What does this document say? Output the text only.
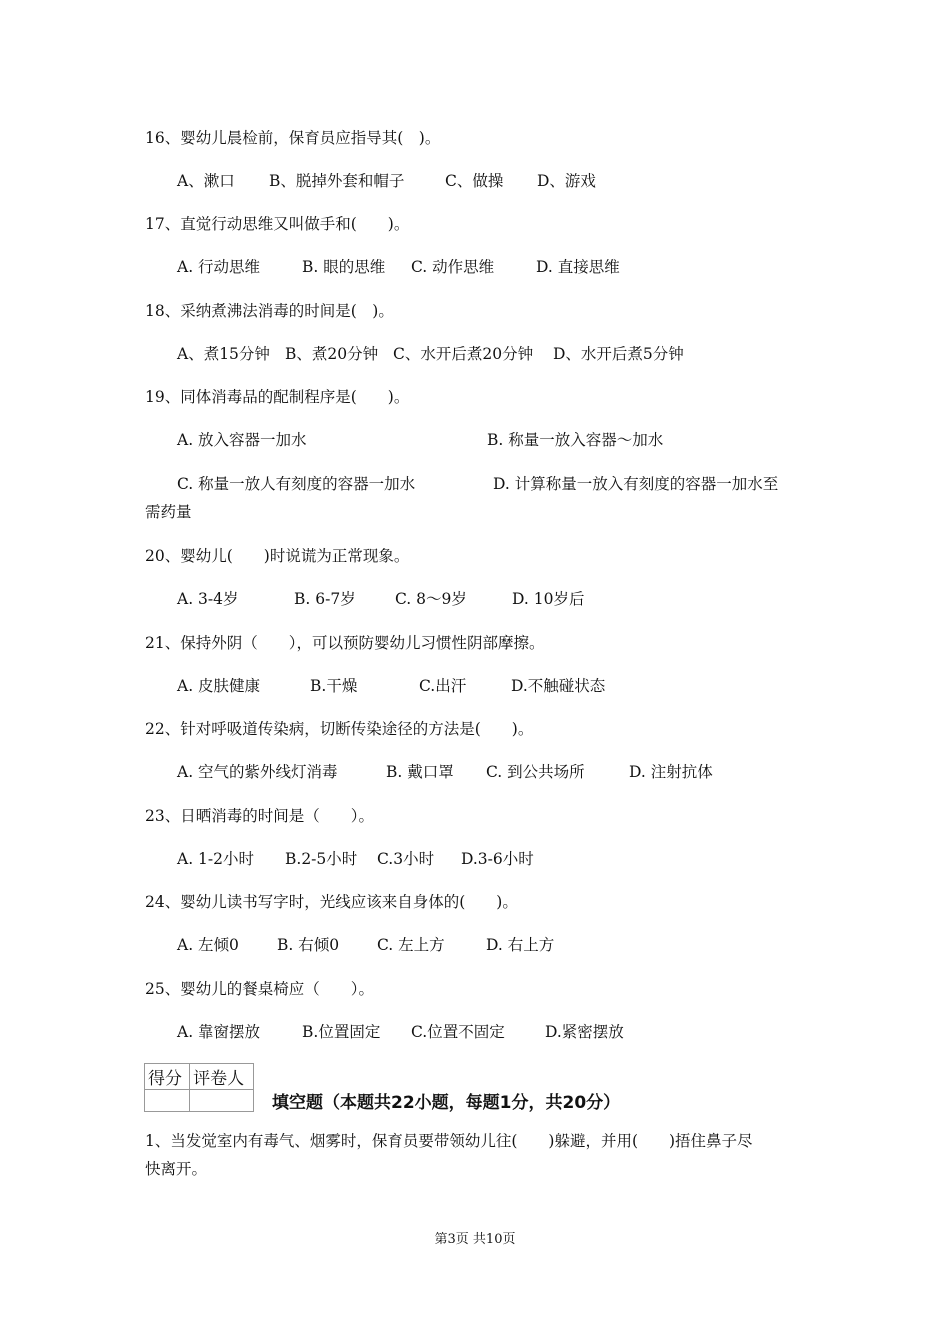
16、婴幼儿晨检前，保育员应指导其(　)。

A、漱口

B、脱掉外套和帽子

	C、做操

D、游戏

17、直觉行动思维又叫做手和(　　)。

A. 行动思维

	B. 眼的思维

C. 动作思维

	D. 直接思维

18、采纳煮沸法消毒的时间是(　)。

A、煮15分钟

B、煮20分钟

C、水开后煮20分钟

D、水开后煮5分钟

19、同体消毒品的配制程序是(　　)。

A. 放入容器一加水

	B. 称量一放入容器～加水

C. 称量一放人有刻度的容器一加水

	D. 计算称量一放入有刻度的容器一加水至

需药量
20、婴幼儿(　　)时说谎为正常现象。

A. 3-4岁

	B. 6-7岁

	C. 8～9岁

	D. 10岁后

21、保持外阴（　　），可以预防婴幼儿习惯性阴部摩擦。

A. 皮肤健康

	B.干燥

	C.出汗

	D.不触碰状态

22、针对呼吸道传染病，切断传染途径的方法是(　　)。

A. 空气的紫外线灯消毒

	B. 戴口罩

C. 到公共场所

	D. 注射抗体

23、日晒消毒的时间是（　　）。

A. 1-2小时

B.2-5小时

C.3小时

D.3-6小时

24、婴幼儿读书写字时，光线应该来自身体的(　　)。

A. 左倾0

B. 右倾0

C. 左上方

	D. 右上方

25、婴幼儿的餐桌椅应（　　）。

A. 靠窗摆放

	B.位置固定

C.位置不固定

	D.紧密摆放

得分	评卷人

填空题（本题共22小题，每题1分，共20分）
1、当发觉室内有毒气、烟雾时，保育员要带领幼儿往(　　)躲避，并用(　　)捂住鼻子尽
快离开。
第3页 共10页
